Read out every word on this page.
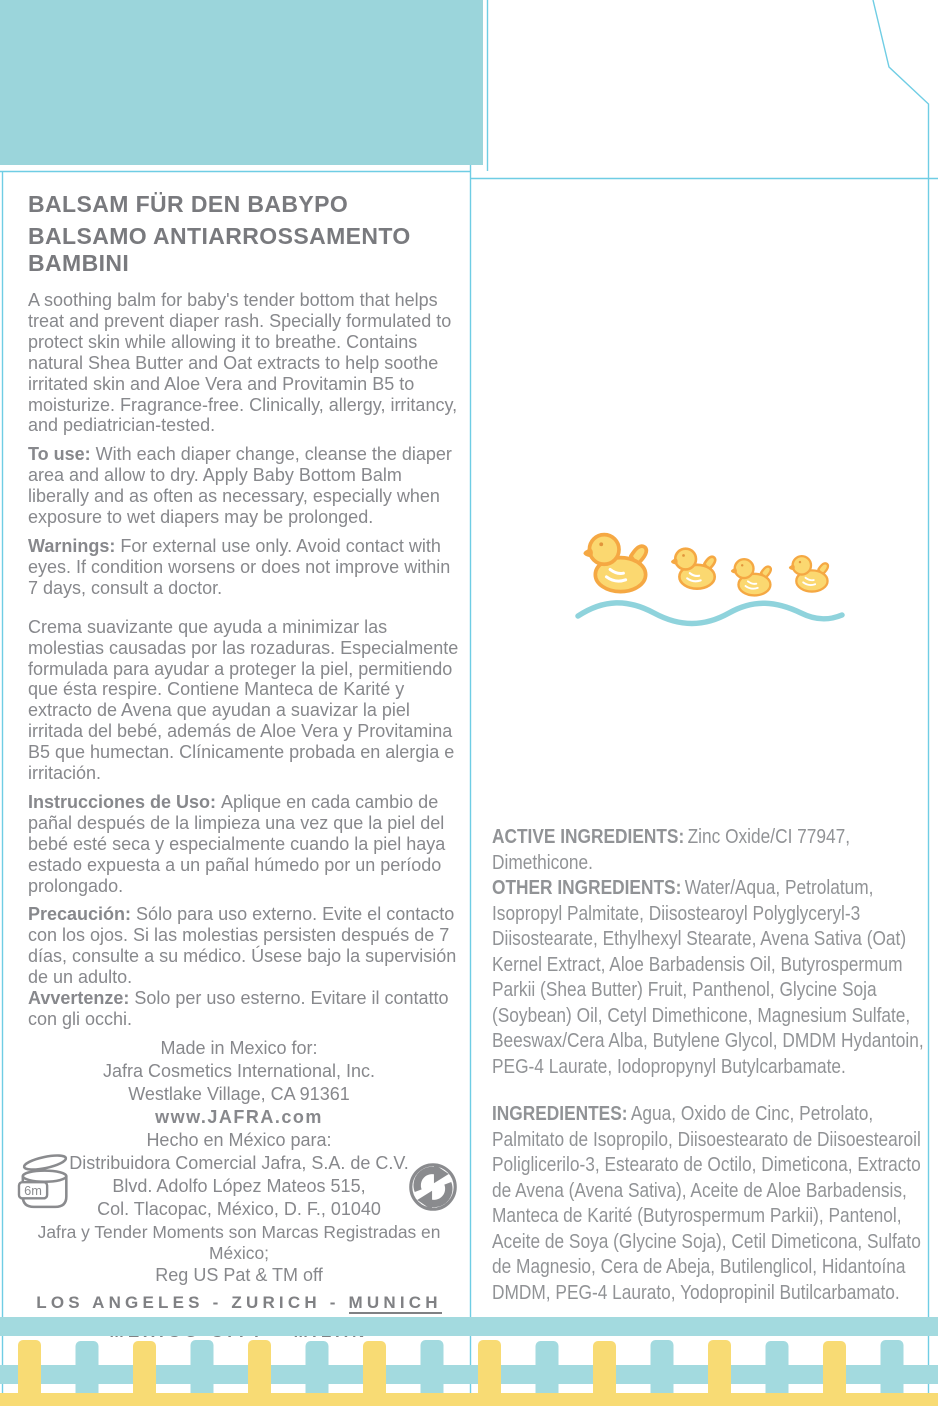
BALSAM FÜR DEN BABYPO
BALSAMO ANTIARROSSAMENTO BAMBINI

A soothing balm for baby's tender bottom that helps treat and prevent diaper rash. Specially formulated to protect skin while allowing it to breathe. Contains natural Shea Butter and Oat extracts to help soothe irritated skin and Aloe Vera and Provitamin B5 to moisturize. Fragrance-free. Clinically, allergy, irritancy, and pediatrician-tested.

To use: With each diaper change, cleanse the diaper area and allow to dry. Apply Baby Bottom Balm liberally and as often as necessary, especially when exposure to wet diapers may be prolonged.

Warnings: For external use only. Avoid contact with eyes. If condition worsens or does not improve within 7 days, consult a doctor.

Crema suavizante que ayuda a minimizar las molestias causadas por las rozaduras. Especialmente formulada para ayudar a proteger la piel, permitiendo que ésta respire. Contiene Manteca de Karité y extracto de Avena que ayudan a suavizar la piel irritada del bebé, además de Aloe Vera y Provitamina B5 que humectan. Clínicamente probada en alergia e irritación.

Instrucciones de Uso: Aplique en cada cambio de pañal después de la limpieza una vez que la piel del bebé esté seca y especialmente cuando la piel haya estado expuesta a un pañal húmedo por un período prolongado.

Precaución: Sólo para uso externo. Evite el contacto con los ojos. Si las molestias persisten después de 7 días, consulte a su médico. Úsese bajo la supervisión de un adulto.

Avvertenze: Solo per uso esterno. Evitare il contatto con gli occhi.

Made in Mexico for:
Jafra Cosmetics International, Inc.
Westlake Village, CA 91361
www.JAFRA.com
Hecho en México para:
Distribuidora Comercial Jafra, S.A. de C.V.
Blvd. Adolfo López Mateos 515,
Col. Tlacopac, México, D. F., 01040
Jafra y Tender Moments son Marcas Registradas en México;
Reg US Pat & TM off
LOS ANGELES - ZURICH - MUNICH
ACTIVE INGREDIENTS: Zinc Oxide/CI 77947, Dimethicone.
OTHER INGREDIENTS: Water/Aqua, Petrolatum, Isopropyl Palmitate, Diisostearoyl Polyglyceryl-3 Diisostearate, Ethylhexyl Stearate, Avena Sativa (Oat) Kernel Extract, Aloe Barbadensis Oil, Butyrospermum Parkii (Shea Butter) Fruit, Panthenol, Glycine Soja (Soybean) Oil, Cetyl Dimethicone, Magnesium Sulfate, Beeswax/Cera Alba, Butylene Glycol, DMDM Hydantoin, PEG-4 Laurate, Iodopropynyl Butylcarbamate.
INGREDIENTES: Agua, Oxido de Cinc, Petrolato, Palmitato de Isopropilo, Diisoestearato de Diisoestearoil Poliglicerilo-3, Estearato de Octilo, Dimeticona, Extracto de Avena (Avena Sativa), Aceite de Aloe Barbadensis, Manteca de Karité (Butyrospermum Parkii), Pantenol, Aceite de Soya (Glycine Soja), Cetil Dimeticona, Sulfato de Magnesio, Cera de Abeja, Butilenglicol, Hidantoína DMDM, PEG-4 Laurato, Yodopropinil Butilcarbamato.
6m
